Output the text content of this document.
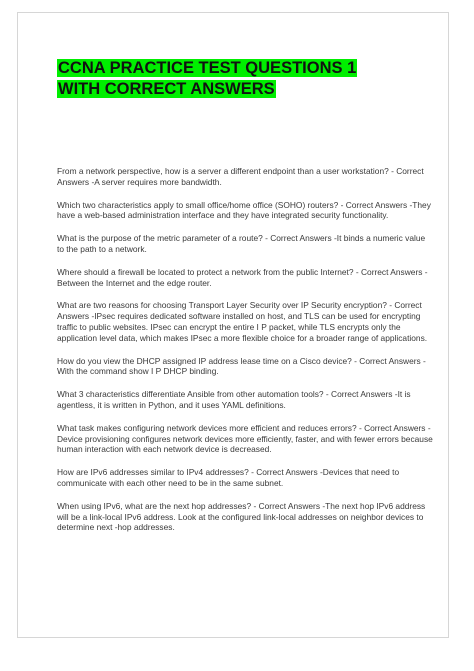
CCNA PRACTICE TEST QUESTIONS 1
WITH CORRECT ANSWERS

From a network perspective, how is a server a different endpoint than a user workstation? - Correct Answers -A server requires more bandwidth.

Which two characteristics apply to small office/home office (SOHO) routers? - Correct Answers -They have a web-based administration interface and they have integrated security functionality.

What is the purpose of the metric parameter of a route? - Correct Answers -It binds a numeric value to the path to a network.

Where should a firewall be located to protect a network from the public Internet? - Correct Answers -Between the Internet and the edge router.

What are two reasons for choosing Transport Layer Security over IP Security encryption? - Correct Answers -IPsec requires dedicated software installed on host, and TLS can be used for encrypting traffic to public websites. IPsec can encrypt the entire I P packet, while TLS encrypts only the application level data, which makes IPsec a more flexible choice for a broader range of applications.

How do you view the DHCP assigned IP address lease time on a Cisco device? - Correct Answers -With the command show I P DHCP binding.

What 3 characteristics differentiate Ansible from other automation tools? - Correct Answers -It is agentless, it is written in Python, and it uses YAML definitions.

What task makes configuring network devices more efficient and reduces errors? - Correct Answers -Device provisioning configures network devices more efficiently, faster, and with fewer errors because human interaction with each network device is decreased.

How are IPv6 addresses similar to IPv4 addresses? - Correct Answers -Devices that need to communicate with each other need to be in the same subnet.

When using IPv6, what are the next hop addresses? - Correct Answers -The next hop IPv6 address will be a link-local IPv6 address. Look at the configured link-local addresses on neighbor devices to determine next -hop addresses.
